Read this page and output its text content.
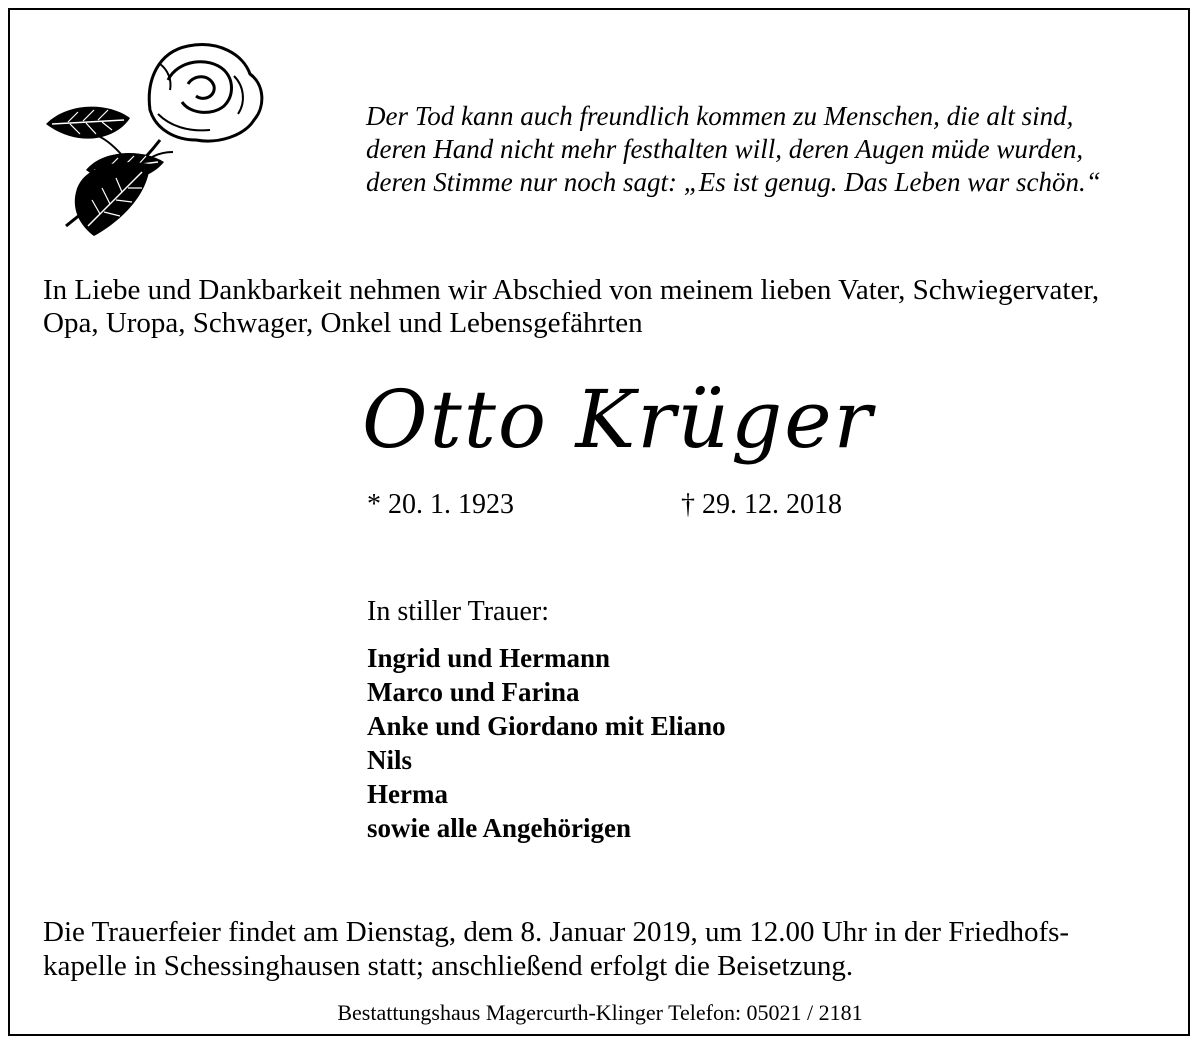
Der Tod kann auch freundlich kommen zu Menschen, die alt sind,
deren Hand nicht mehr festhalten will, deren Augen müde wurden,
deren Stimme nur noch sagt: „Es ist genug. Das Leben war schön.“
In Liebe und Dankbarkeit nehmen wir Abschied von meinem lieben Vater, Schwiegervater,
Opa, Uropa, Schwager, Onkel und Lebensgefährten
Otto Krüger
* 20. 1. 1923	† 29. 12. 2018
In stiller Trauer:
Ingrid und Hermann
Marco und Farina
Anke und Giordano mit Eliano
Nils
Herma
sowie alle Angehörigen
Die Trauerfeier findet am Dienstag, dem 8. Januar 2019, um 12.00 Uhr in der Friedhofs-
kapelle in Schessinghausen statt; anschließend erfolgt die Beisetzung.
Bestattungshaus Magercurth-Klinger Telefon: 05021 / 2181
